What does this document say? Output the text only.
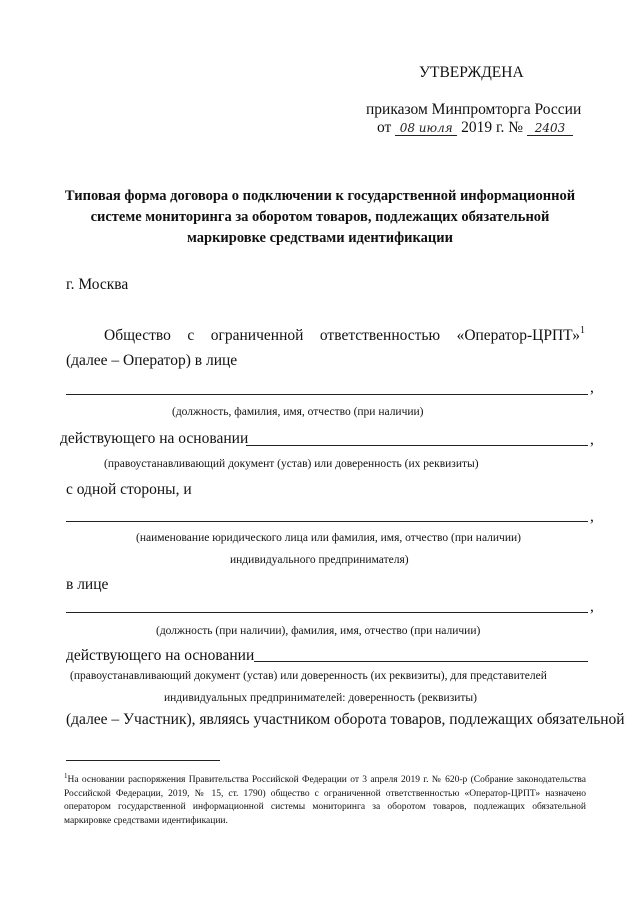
УТВЕРЖДЕНА
приказом Минпромторга России
от 08 июля 2019 г. № 2403
Типовая форма договора о подключении к государственной информационной
системе мониторинга за оборотом товаров, подлежащих обязательной
маркировке средствами идентификации
г. Москва
Общество с ограниченной ответственностью «Оператор-ЦРПТ» 1
(далее – Оператор) в лице
,
(должность, фамилия, имя, отчество (при наличии)
действующего на основании	,
(правоустанавливающий документ (устав) или доверенность (их реквизиты)
с одной стороны, и
,
(наименование юридического лица или фамилия, имя, отчество (при наличии)
индивидуального предпринимателя)
в лице
,
(должность (при наличии), фамилия, имя, отчество (при наличии)
действующего на основании
(правоустанавливающий документ (устав) или доверенность (их реквизиты), для представителей
индивидуальных предпринимателей: доверенность (реквизиты)
(далее – Участник), являясь участником оборота товаров, подлежащих обязательной
$^1$На основании распоряжения Правительства Российской Федерации от 3 апреля 2019 г. № 620-р (Собрание законодательства Российской Федерации, 2019, № 15, ст. 1790) общество с ограниченной ответственностью «Оператор-ЦРПТ» назначено оператором государственной информационной системы мониторинга за оборотом товаров, подлежащих обязательной маркировке средствами идентификации.
